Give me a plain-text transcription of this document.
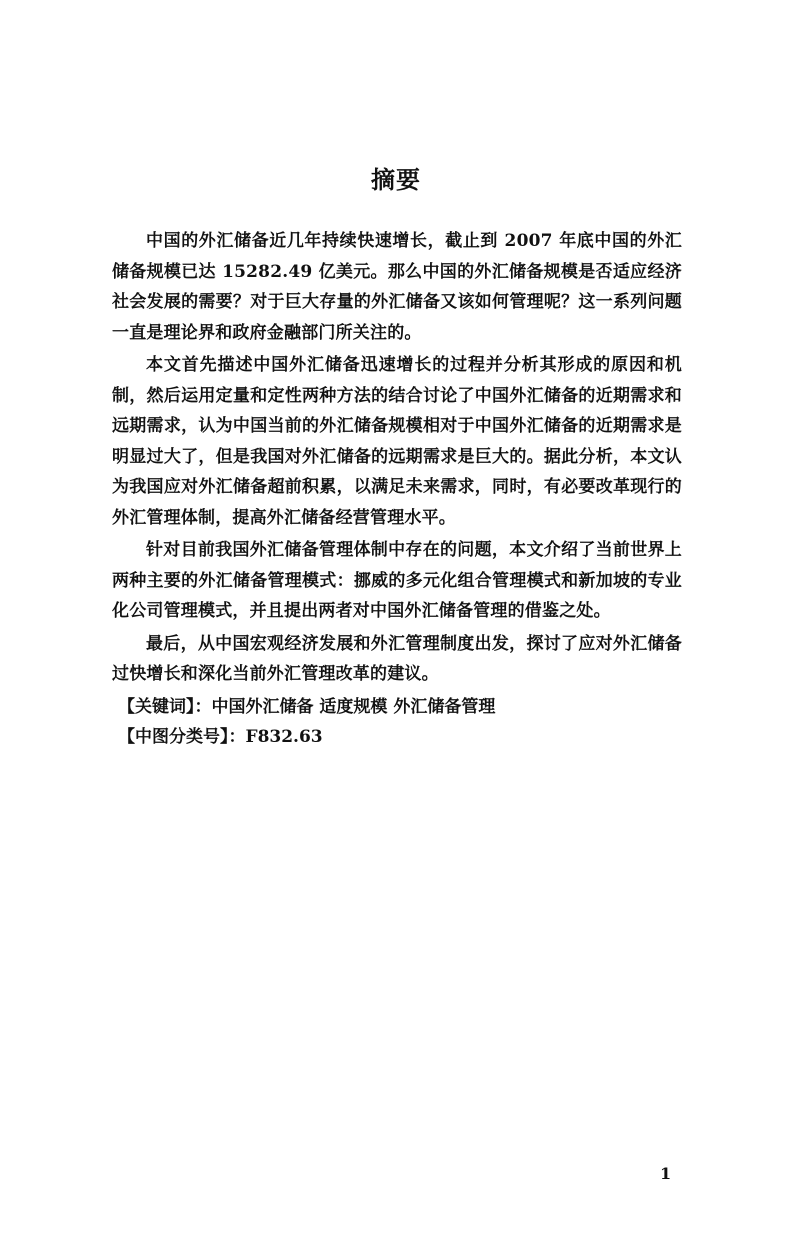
摘要

中国的外汇储备近几年持续快速增长，截止到 2007 年底中国的外汇储备规模已达 15282.49 亿美元。那么中国的外汇储备规模是否适应经济社会发展的需要？对于巨大存量的外汇储备又该如何管理呢？这一系列问题一直是理论界和政府金融部门所关注的。

本文首先描述中国外汇储备迅速增长的过程并分析其形成的原因和机制，然后运用定量和定性两种方法的结合讨论了中国外汇储备的近期需求和远期需求，认为中国当前的外汇储备规模相对于中国外汇储备的近期需求是明显过大了，但是我国对外汇储备的远期需求是巨大的。据此分析，本文认为我国应对外汇储备超前积累，以满足未来需求，同时，有必要改革现行的外汇管理体制，提高外汇储备经营管理水平。

针对目前我国外汇储备管理体制中存在的问题，本文介绍了当前世界上两种主要的外汇储备管理模式：挪威的多元化组合管理模式和新加坡的专业化公司管理模式，并且提出两者对中国外汇储备管理的借鉴之处。

最后，从中国宏观经济发展和外汇管理制度出发，探讨了应对外汇储备过快增长和深化当前外汇管理改革的建议。

【关键词】：中国外汇储备 适度规模 外汇储备管理

【中图分类号】：F832.63

1
